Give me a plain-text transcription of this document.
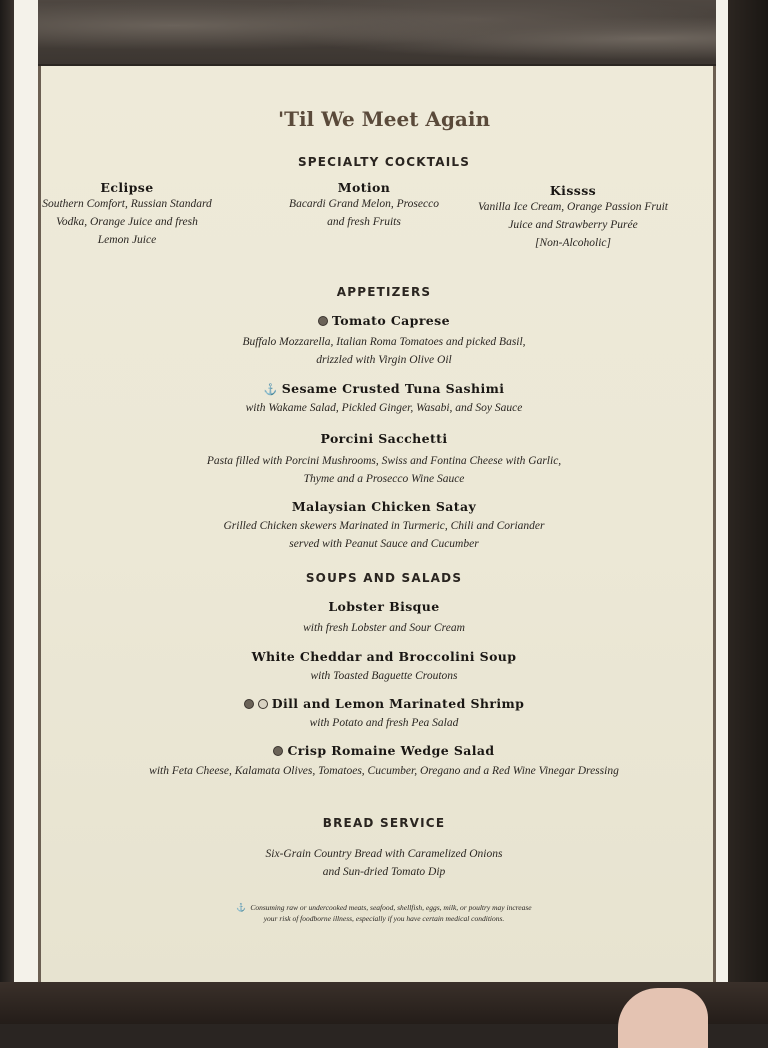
'Til We Meet Again
SPECIALTY COCKTAILS
Eclipse
Southern Comfort, Russian Standard
Vodka, Orange Juice and fresh
Lemon Juice
Motion
Bacardi Grand Melon, Prosecco
and fresh Fruits
Kissss
Vanilla Ice Cream, Orange Passion Fruit
Juice and Strawberry Purée
[Non-Alcoholic]
APPETIZERS
Tomato Caprese
Buffalo Mozzarella, Italian Roma Tomatoes and picked Basil,
drizzled with Virgin Olive Oil
⚓ Sesame Crusted Tuna Sashimi
with Wakame Salad, Pickled Ginger, Wasabi, and Soy Sauce
Porcini Sacchetti
Pasta filled with Porcini Mushrooms, Swiss and Fontina Cheese with Garlic,
Thyme and a Prosecco Wine Sauce
Malaysian Chicken Satay
Grilled Chicken skewers Marinated in Turmeric, Chili and Coriander
served with Peanut Sauce and Cucumber
SOUPS AND SALADS
Lobster Bisque
with fresh Lobster and Sour Cream
White Cheddar and Broccolini Soup
with Toasted Baguette Croutons
Dill and Lemon Marinated Shrimp
with Potato and fresh Pea Salad
Crisp Romaine Wedge Salad
with Feta Cheese, Kalamata Olives, Tomatoes, Cucumber, Oregano and a Red Wine Vinegar Dressing
BREAD SERVICE
Six-Grain Country Bread with Caramelized Onions
and Sun-dried Tomato Dip
⚓ Consuming raw or undercooked meats, seafood, shellfish, eggs, milk, or poultry may increase
your risk of foodborne illness, especially if you have certain medical conditions.
